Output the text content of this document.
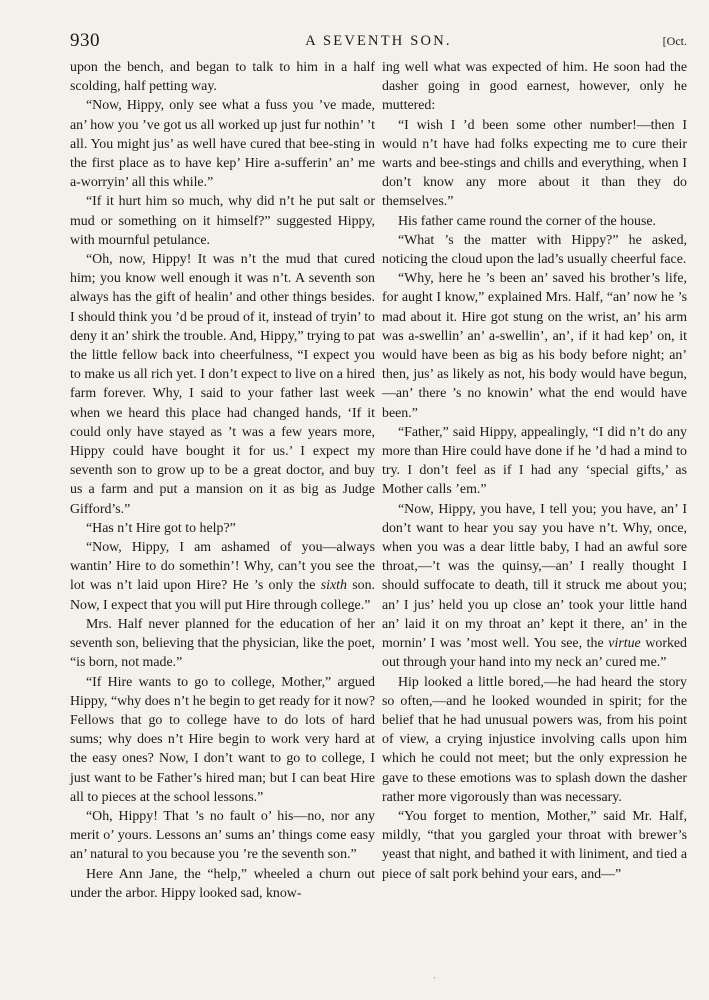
930	A SEVENTH SON.	[Oct.

upon the bench, and began to talk to him in a half scolding, half petting way.

“Now, Hippy, only see what a fuss you ’ve made, an’ how you ’ve got us all worked up just fur nothin’ ’t all. You might jus’ as well have cured that bee-sting in the first place as to have kep’ Hire a-sufferin’ an’ me a-worryin’ all this while.”

“If it hurt him so much, why did n’t he put salt or mud or something on it himself?” suggested Hippy, with mournful petulance.

“Oh, now, Hippy! It was n’t the mud that cured him; you know well enough it was n’t. A seventh son always has the gift of healin’ and other things besides. I should think you ’d be proud of it, instead of tryin’ to deny it an’ shirk the trouble. And, Hippy,” trying to pat the little fellow back into cheerfulness, “I expect you to make us all rich yet. I don’t expect to live on a hired farm forever. Why, I said to your father last week when we heard this place had changed hands, ‘If it could only have stayed as ’t was a few years more, Hippy could have bought it for us.’ I expect my seventh son to grow up to be a great doctor, and buy us a farm and put a mansion on it as big as Judge Gifford’s.”

“Has n’t Hire got to help?”

“Now, Hippy, I am ashamed of you—always wantin’ Hire to do somethin’! Why, can’t you see the lot was n’t laid upon Hire? He ’s only the sixth son. Now, I expect that you will put Hire through college.”

Mrs. Half never planned for the education of her seventh son, believing that the physician, like the poet, “is born, not made.”

“If Hire wants to go to college, Mother,” argued Hippy, “why does n’t he begin to get ready for it now? Fellows that go to college have to do lots of hard sums; why does n’t Hire begin to work very hard at the easy ones? Now, I don’t want to go to college, I just want to be Father’s hired man; but I can beat Hire all to pieces at the school lessons.”

“Oh, Hippy! That ’s no fault o’ his—no, nor any merit o’ yours. Lessons an’ sums an’ things come easy an’ natural to you because you ’re the seventh son.”

Here Ann Jane, the “help,” wheeled a churn out under the arbor. Hippy looked sad, know-

ing well what was expected of him. He soon had the dasher going in good earnest, however, only he muttered:

“I wish I ’d been some other number!—then I would n’t have had folks expecting me to cure their warts and bee-stings and chills and everything, when I don’t know any more about it than they do themselves.”

His father came round the corner of the house.

“What ’s the matter with Hippy?” he asked, noticing the cloud upon the lad’s usually cheerful face.

“Why, here he ’s been an’ saved his brother’s life, for aught I know,” explained Mrs. Half, “an’ now he ’s mad about it. Hire got stung on the wrist, an’ his arm was a-swellin’ an’ a-swellin’, an’, if it had kep’ on, it would have been as big as his body before night; an’ then, jus’ as likely as not, his body would have begun,—an’ there ’s no knowin’ what the end would have been.”

“Father,” said Hippy, appealingly, “I did n’t do any more than Hire could have done if he ’d had a mind to try. I don’t feel as if I had any ‘special gifts,’ as Mother calls ’em.”

“Now, Hippy, you have, I tell you; you have, an’ I don’t want to hear you say you have n’t. Why, once, when you was a dear little baby, I had an awful sore throat,—’t was the quinsy,—an’ I really thought I should suffocate to death, till it struck me about you; an’ I jus’ held you up close an’ took your little hand an’ laid it on my throat an’ kept it there, an’ in the mornin’ I was ’most well. You see, the virtue worked out through your hand into my neck an’ cured me.”

Hip looked a little bored,—he had heard the story so often,—and he looked wounded in spirit; for the belief that he had unusual powers was, from his point of view, a crying injustice involving calls upon him which he could not meet; but the only expression he gave to these emotions was to splash down the dasher rather more vigorously than was necessary.

“You forget to mention, Mother,” said Mr. Half, mildly, “that you gargled your throat with brewer’s yeast that night, and bathed it with liniment, and tied a piece of salt pork behind your ears, and—”

ˌ
